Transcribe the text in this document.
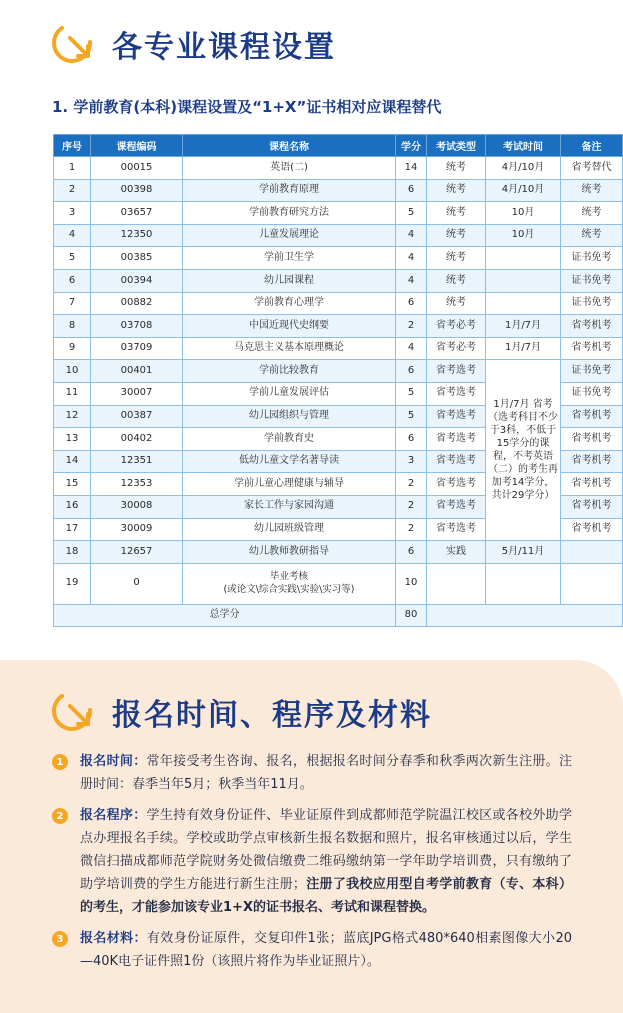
各专业课程设置
1. 学前教育(本科)课程设置及“1+X”证书相对应课程替代
序号	课程编码	课程名称	学分	考试类型	考试时间	备注
1	00015	英语(二)	14	统考	4月/10月	省考替代
2	00398	学前教育原理	6	统考	4月/10月	统考
3	03657	学前教育研究方法	5	统考	10月	统考
4	12350	儿童发展理论	4	统考	10月	统考
5	00385	学前卫生学	4	统考		证书免考
6	00394	幼儿园课程	4	统考		证书免考
7	00882	学前教育心理学	6	统考		证书免考
8	03708	中国近现代史纲要	2	省考必考	1月/7月	省考机考
9	03709	马克思主义基本原理概论	4	省考必考	1月/7月	省考机考
10	00401	学前比较教育	6	省考选考	1月/7月 省考（选考科目不少于3科，不低于15学分的课程，不考英语（二）的考生再加考14学分，共计29学分）	证书免考
11	30007	学前儿童发展评估	5	省考选考		证书免考
12	00387	幼儿园组织与管理	5	省考选考		省考机考
13	00402	学前教育史	6	省考选考		省考机考
14	12351	低幼儿童文学名著导读	3	省考选考		省考机考
15	12353	学前儿童心理健康与辅导	2	省考选考		省考机考
16	30008	家长工作与家园沟通	2	省考选考		省考机考
17	30009	幼儿园班级管理	2	省考选考		省考机考
18	12657	幼儿教师教研指导	6	实践	5月/11月	
19	0	毕业考核
(或论文\综合实践\实验\实习等)	10			
总学分			80			
报名时间、程序及材料
1	报名时间：常年接受考生咨询、报名，根据报名时间分春季和秋季两次新生注册。注册时间：春季当年5月；秋季当年11月。
2	报名程序：学生持有效身份证件、毕业证原件到成都师范学院温江校区或各校外助学点办理报名手续。学校或助学点审核新生报名数据和照片，报名审核通过以后，学生微信扫描成都师范学院财务处微信缴费二维码缴纳第一学年助学培训费，只有缴纳了助学培训费的学生方能进行新生注册；注册了我校应用型自考学前教育（专、本科）的考生，才能参加该专业1+X的证书报名、考试和课程替换。
3	报名材料：有效身份证原件，交复印件1张；蓝底JPG格式480*640相素图像大小20—40K电子证件照1份（该照片将作为毕业证照片）。
